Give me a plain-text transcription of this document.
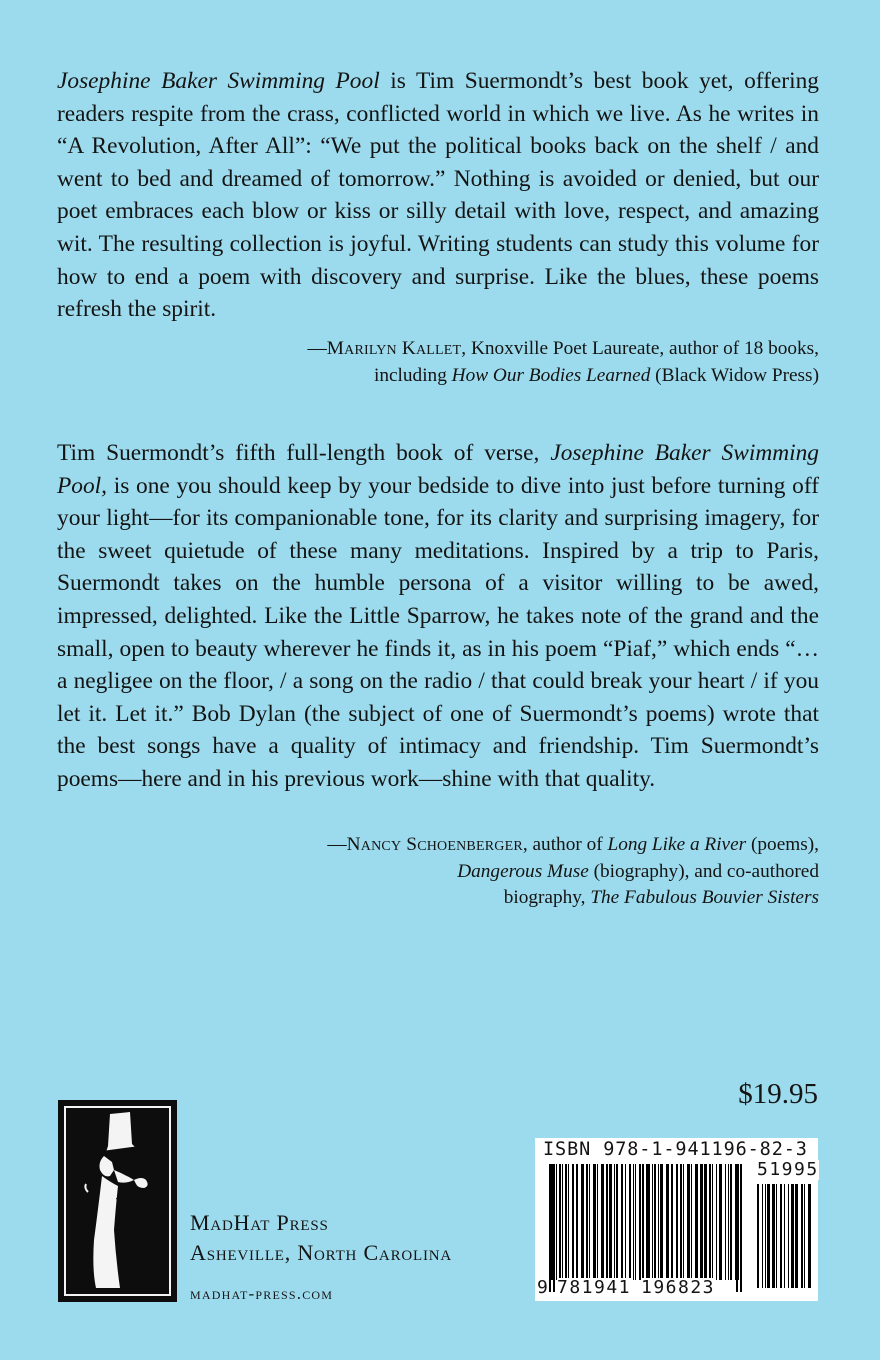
Josephine Baker Swimming Pool is Tim Suermondt’s best book yet, offering readers respite from the crass, conflicted world in which we live. As he writes in “A Revolution, After All”: “We put the political books back on the shelf / and went to bed and dreamed of tomorrow.” Nothing is avoided or denied, but our poet embraces each blow or kiss or silly detail with love, respect, and amazing wit. The resulting collection is joyful. Writing students can study this volume for how to end a poem with discovery and surprise. Like the blues, these poems refresh the spirit.

—Marilyn Kallet, Knoxville Poet Laureate, author of 18 books,
including How Our Bodies Learned (Black Widow Press)

Tim Suermondt’s fifth full-length book of verse, Josephine Baker Swimming Pool, is one you should keep by your bedside to dive into just before turning off your light—for its companionable tone, for its clarity and surprising imagery, for the sweet quietude of these many meditations. Inspired by a trip to Paris, Suermondt takes on the humble persona of a visitor willing to be awed, impressed, delighted. Like the Little Sparrow, he takes note of the grand and the small, open to beauty wherever he finds it, as in his poem “Piaf,” which ends “… a negligee on the floor, / a song on the radio / that could break your heart / if you let it. Let it.” Bob Dylan (the subject of one of Suermondt’s poems) wrote that the best songs have a quality of intimacy and friendship. Tim Suermondt’s poems—here and in his previous work—shine with that quality.

—Nancy Schoenberger, author of Long Like a River (poems),
Dangerous Muse (biography), and co-authored
biography, The Fabulous Bouvier Sisters

MadHat Press

Asheville, North Carolina

madhat-press.com

$19.95

ISBN 978-1-941196-82-3
51995
9 781941 196823
